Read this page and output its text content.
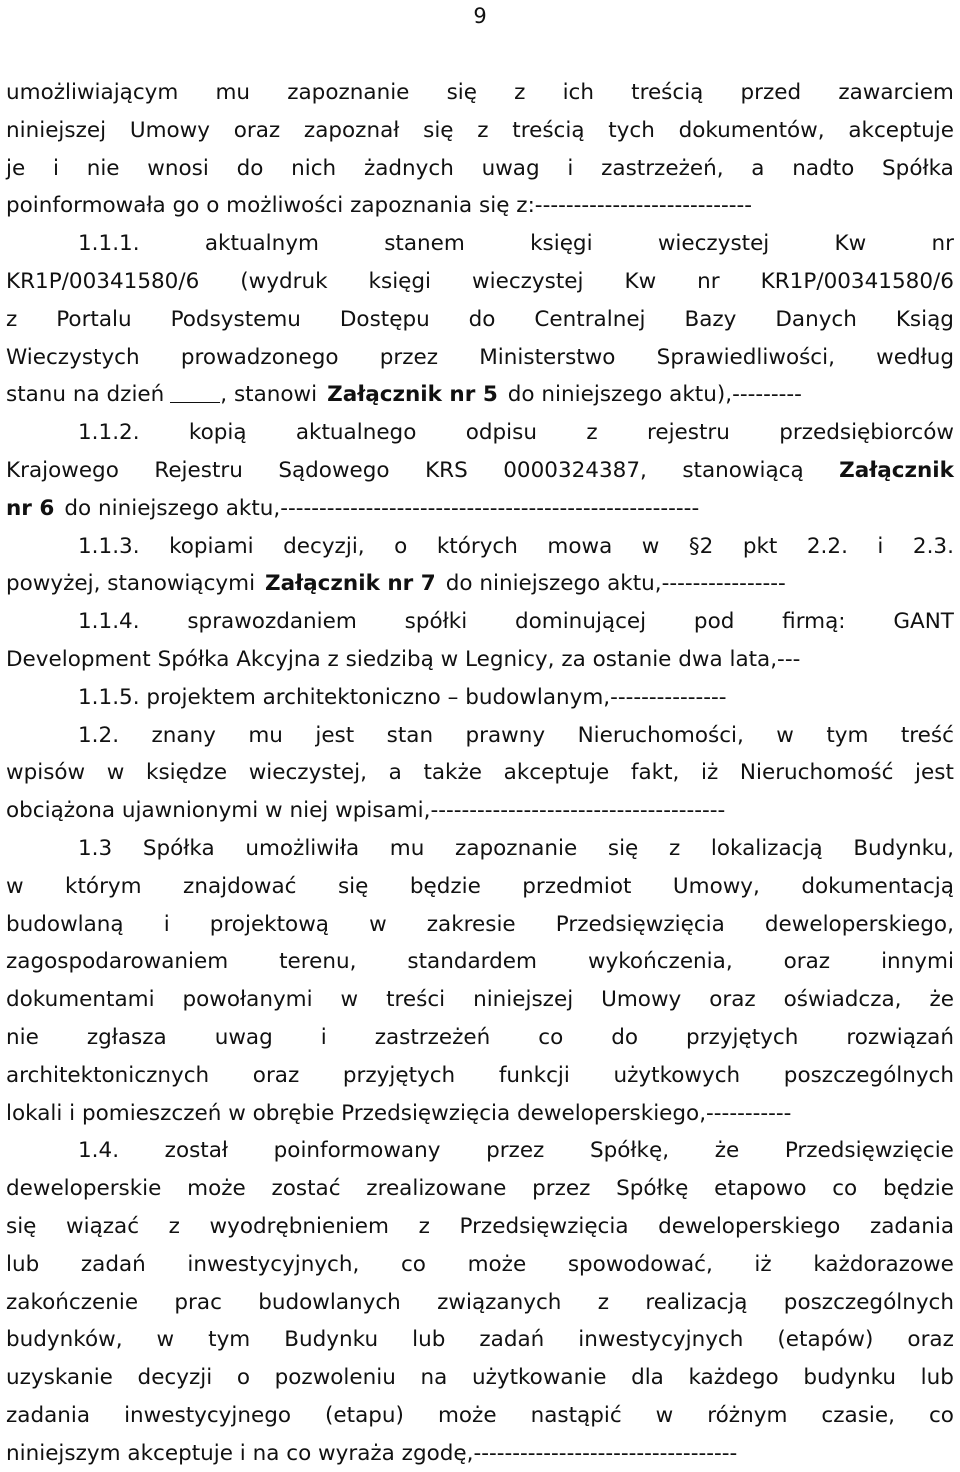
9
umożliwiającym mu zapoznanie się z ich treścią przed zawarciem
niniejszej Umowy oraz zapoznał się z treścią tych dokumentów, akceptuje
je i nie wnosi do nich żadnych uwag i zastrzeżeń, a nadto Spółka
poinformowała go o możliwości zapoznania się z:----------------------------
1.1.1.	aktualnym	stanem	księgi	wieczystej	Kw	nr
KR1P/00341580/6 (wydruk księgi wieczystej Kw nr KR1P/00341580/6
z Portalu Podsystemu Dostępu do Centralnej Bazy Danych Ksiąg
Wieczystych prowadzonego przez Ministerstwo Sprawiedliwości, według
stanu na dzień	, stanowi Załącznik nr 5 do niniejszego aktu),---------
1.1.2. kopią aktualnego odpisu z rejestru przedsiębiorców
Krajowego Rejestru Sądowego KRS 0000324387, stanowiącą Załącznik
nr 6 do niniejszego aktu,------------------------------------------------------
1.1.3. kopiami decyzji, o których mowa w §2 pkt 2.2. i 2.3.
powyżej, stanowiącymi Załącznik nr 7 do niniejszego aktu,----------------
1.1.4. sprawozdaniem spółki dominującej pod firmą: GANT
Development Spółka Akcyjna z siedzibą w Legnicy, za ostanie dwa lata,---
1.1.5. projektem architektoniczno – budowlanym,---------------
1.2. znany mu jest stan prawny Nieruchomości, w tym treść
wpisów w księdze wieczystej, a także akceptuje fakt, iż Nieruchomość jest
obciążona ujawnionymi w niej wpisami,--------------------------------------
1.3 Spółka umożliwiła mu zapoznanie się z lokalizacją Budynku,
w którym znajdować się będzie przedmiot Umowy, dokumentacją
budowlaną i projektową w zakresie Przedsięwzięcia deweloperskiego,
zagospodarowaniem terenu, standardem wykończenia, oraz innymi
dokumentami powołanymi w treści niniejszej Umowy oraz oświadcza, że
nie zgłasza uwag i zastrzeżeń co do przyjętych rozwiązań
architektonicznych oraz przyjętych funkcji użytkowych poszczególnych
lokali i pomieszczeń w obrębie Przedsięwzięcia deweloperskiego,-----------
1.4. został poinformowany przez Spółkę, że Przedsięwzięcie
deweloperskie może zostać zrealizowane przez Spółkę etapowo co będzie
się wiązać z wyodrębnieniem z Przedsięwzięcia deweloperskiego zadania
lub zadań inwestycyjnych, co może spowodować, iż każdorazowe
zakończenie prac budowlanych związanych z realizacją poszczególnych
budynków, w tym Budynku lub zadań inwestycyjnych (etapów) oraz
uzyskanie decyzji o pozwoleniu na użytkowanie dla każdego budynku lub
zadania inwestycyjnego (etapu) może nastąpić w różnym czasie, co
niniejszym akceptuje i na co wyraża zgodę,----------------------------------
